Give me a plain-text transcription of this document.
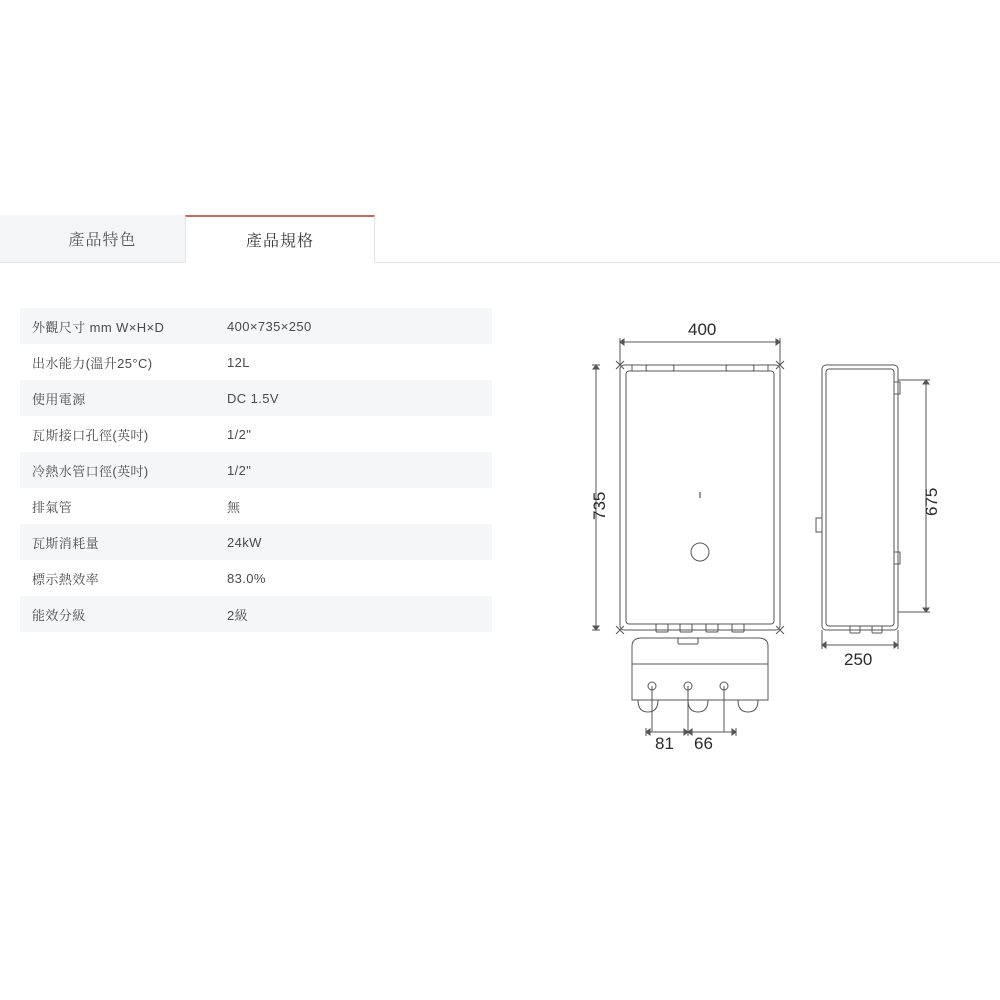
產品特色	產品規格
外觀尺寸 mm W×H×D	400×735×250
出水能力(溫升25°C)	12L
使用電源	DC 1.5V
瓦斯接口孔徑(英吋)	1/2"
冷熱水管口徑(英吋)	1/2"
排氣管	無
瓦斯消耗量	24kW
標示熱效率	83.0%
能效分級	2級
400
735	675
250
81 66
